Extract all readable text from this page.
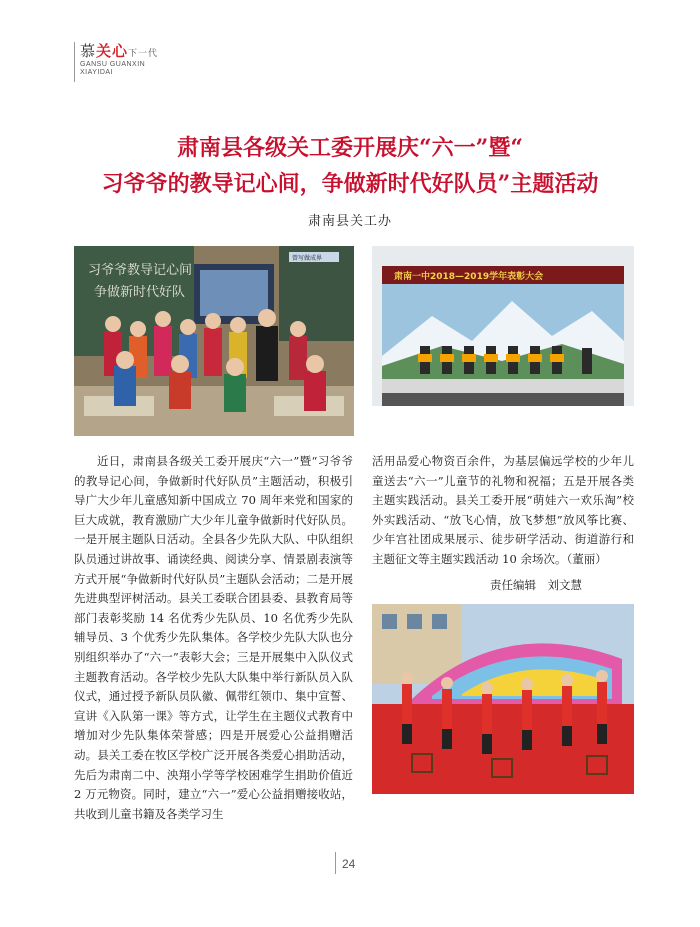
慕关心下一代
GANSU GUANXIN
XIAYIDAI
肃南县各级关工委开展庆“六一”暨“
习爷爷的教导记心间，争做新时代好队员”主题活动
肃南县关工办
习爷爷教导记心间
争做新时代好队
曾写做成界
肃南一中2018—2019学年表彰大会

近日，肃南县各级关工委开展庆“六一”暨“习爷爷的教导记心间，争做新时代好队员”主题活动，积极引导广大少年儿童感知新中国成立 70 周年来党和国家的巨大成就，教育激励广大少年儿童争做新时代好队员。一是开展主题队日活动。全县各少先队大队、中队组织队员通过讲故事、诵读经典、阅读分享、情景剧表演等方式开展“争做新时代好队员”主题队会活动；二是开展先进典型评树活动。县关工委联合团县委、县教育局等部门表彰奖励 14 名优秀少先队员、10 名优秀少先队辅导员、3 个优秀少先队集体。各学校少先队大队也分别组织举办了“六一”表彰大会；三是开展集中入队仪式主题教育活动。各学校少先队大队集中举行新队员入队仪式，通过授予新队员队徽、佩带红领巾、集中宣誓、宣讲《入队第一课》等方式，让学生在主题仪式教育中增加对少先队集体荣誉感；四是开展爱心公益捐赠活动。县关工委在牧区学校广泛开展各类爱心捐助活动，先后为肃南二中、泱翔小学等学校困难学生捐助价值近 2 万元物资。同时，建立“六一”爱心公益捐赠接收站，共收到儿童书籍及各类学习生

活用品爱心物资百余件，为基层偏远学校的少年儿童送去“六一”儿童节的礼物和祝福；五是开展各类主题实践活动。县关工委开展“萌娃六一欢乐淘”校外实践活动、“放飞心情，放飞梦想”放风筝比赛、少年宫社团成果展示、徒步研学活动、街道游行和主题征文等主题实践活动 10 余场次。（董丽）

责任编辑　刘文慧
24
